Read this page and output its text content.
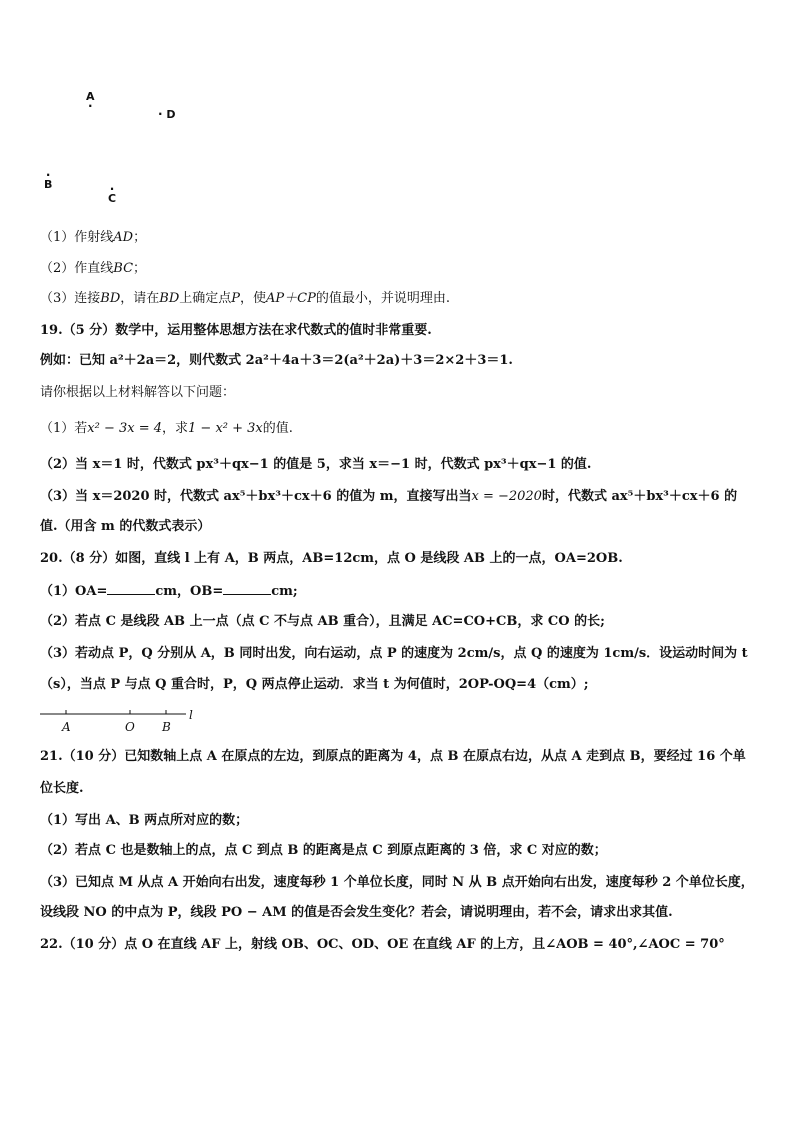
A
·
· D
·
B	·
C
（1）作射线AD；
（2）作直线BC；
（3）连接BD，请在BD上确定点P，使AP＋CP的值最小，并说明理由.
19.（5 分）数学中，运用整体思想方法在求代数式的值时非常重要.
例如：已知 a²＋2a＝2，则代数式 2a²＋4a＋3＝2(a²＋2a)＋3＝2×2＋3＝1.
请你根据以上材料解答以下问题：
（1）若x² − 3x = 4，求1 − x² + 3x的值.
（2）当 x＝1 时，代数式 px³＋qx−1 的值是 5，求当 x＝−1 时，代数式 px³＋qx−1 的值.
（3）当 x＝2020 时，代数式 ax⁵＋bx³＋cx＋6 的值为 m，直接写出当x = −2020时，代数式 ax⁵＋bx³＋cx＋6 的
值.（用含 m 的代数式表示）
20.（8 分）如图，直线 l 上有 A，B 两点，AB=12cm，点 O 是线段 AB 上的一点，OA=2OB.
（1）OA=	cm，OB=	cm;
（2）若点 C 是线段 AB 上一点（点 C 不与点 AB 重合），且满足 AC=CO+CB，求 CO 的长;
（3）若动点 P，Q 分别从 A，B 同时出发，向右运动，点 P 的速度为 2cm/s，点 Q 的速度为 1cm/s．设运动时间为 t
（s），当点 P 与点 Q 重合时，P，Q 两点停止运动．求当 t 为何值时，2OP-OQ=4（cm）;
A	O B
l
21.（10 分）已知数轴上点 A 在原点的左边，到原点的距离为 4，点 B 在原点右边，从点 A 走到点 B，要经过 16 个单
位长度.
（1）写出 A、B 两点所对应的数；
（2）若点 C 也是数轴上的点，点 C 到点 B 的距离是点 C 到原点距离的 3 倍，求 C 对应的数；
（3）已知点 M 从点 A 开始向右出发，速度每秒 1 个单位长度，同时 N 从 B 点开始向右出发，速度每秒 2 个单位长度，
设线段 NO 的中点为 P，线段 PO − AM 的值是否会发生变化？若会，请说明理由，若不会，请求出求其值.
22.（10 分）点 O 在直线 AF 上，射线 OB、OC、OD、OE 在直线 AF 的上方，且∠AOB = 40°,∠AOC = 70°
